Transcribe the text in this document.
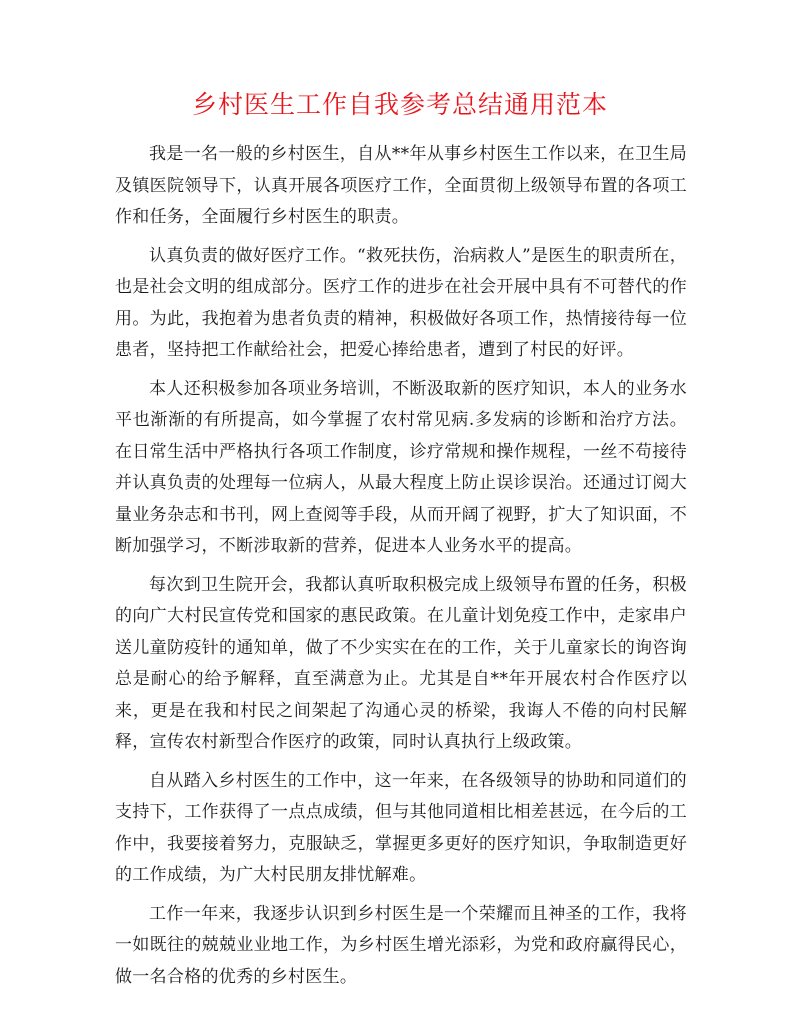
乡村医生工作自我参考总结通用范本

我是一名一般的乡村医生，自从**年从事乡村医生工作以来，在卫生局及镇医院领导下，认真开展各项医疗工作，全面贯彻上级领导布置的各项工作和任务，全面履行乡村医生的职责。

认真负责的做好医疗工作。“救死扶伤，治病救人”是医生的职责所在，也是社会文明的组成部分。医疗工作的进步在社会开展中具有不可替代的作用。为此，我抱着为患者负责的精神，积极做好各项工作，热情接待每一位患者，坚持把工作献给社会，把爱心捧给患者，遭到了村民的好评。

本人还积极参加各项业务培训，不断汲取新的医疗知识，本人的业务水平也渐渐的有所提高，如今掌握了农村常见病.多发病的诊断和治疗方法。在日常生活中严格执行各项工作制度，诊疗常规和操作规程，一丝不苟接待并认真负责的处理每一位病人，从最大程度上防止误诊误治。还通过订阅大量业务杂志和书刊，网上查阅等手段，从而开阔了视野，扩大了知识面，不断加强学习，不断涉取新的营养，促进本人业务水平的提高。

每次到卫生院开会，我都认真听取积极完成上级领导布置的任务，积极的向广大村民宣传党和国家的惠民政策。在儿童计划免疫工作中，走家串户送儿童防疫针的通知单，做了不少实实在在的工作，关于儿童家长的询咨询总是耐心的给予解释，直至满意为止。尤其是自**年开展农村合作医疗以来，更是在我和村民之间架起了沟通心灵的桥梁，我诲人不倦的向村民解释，宣传农村新型合作医疗的政策，同时认真执行上级政策。

自从踏入乡村医生的工作中，这一年来，在各级领导的协助和同道们的支持下，工作获得了一点点成绩，但与其他同道相比相差甚远，在今后的工作中，我要接着努力，克服缺乏，掌握更多更好的医疗知识，争取制造更好的工作成绩，为广大村民朋友排忧解难。

工作一年来，我逐步认识到乡村医生是一个荣耀而且神圣的工作，我将一如既往的兢兢业业地工作，为乡村医生增光添彩，为党和政府赢得民心，做一名合格的优秀的乡村医生。
